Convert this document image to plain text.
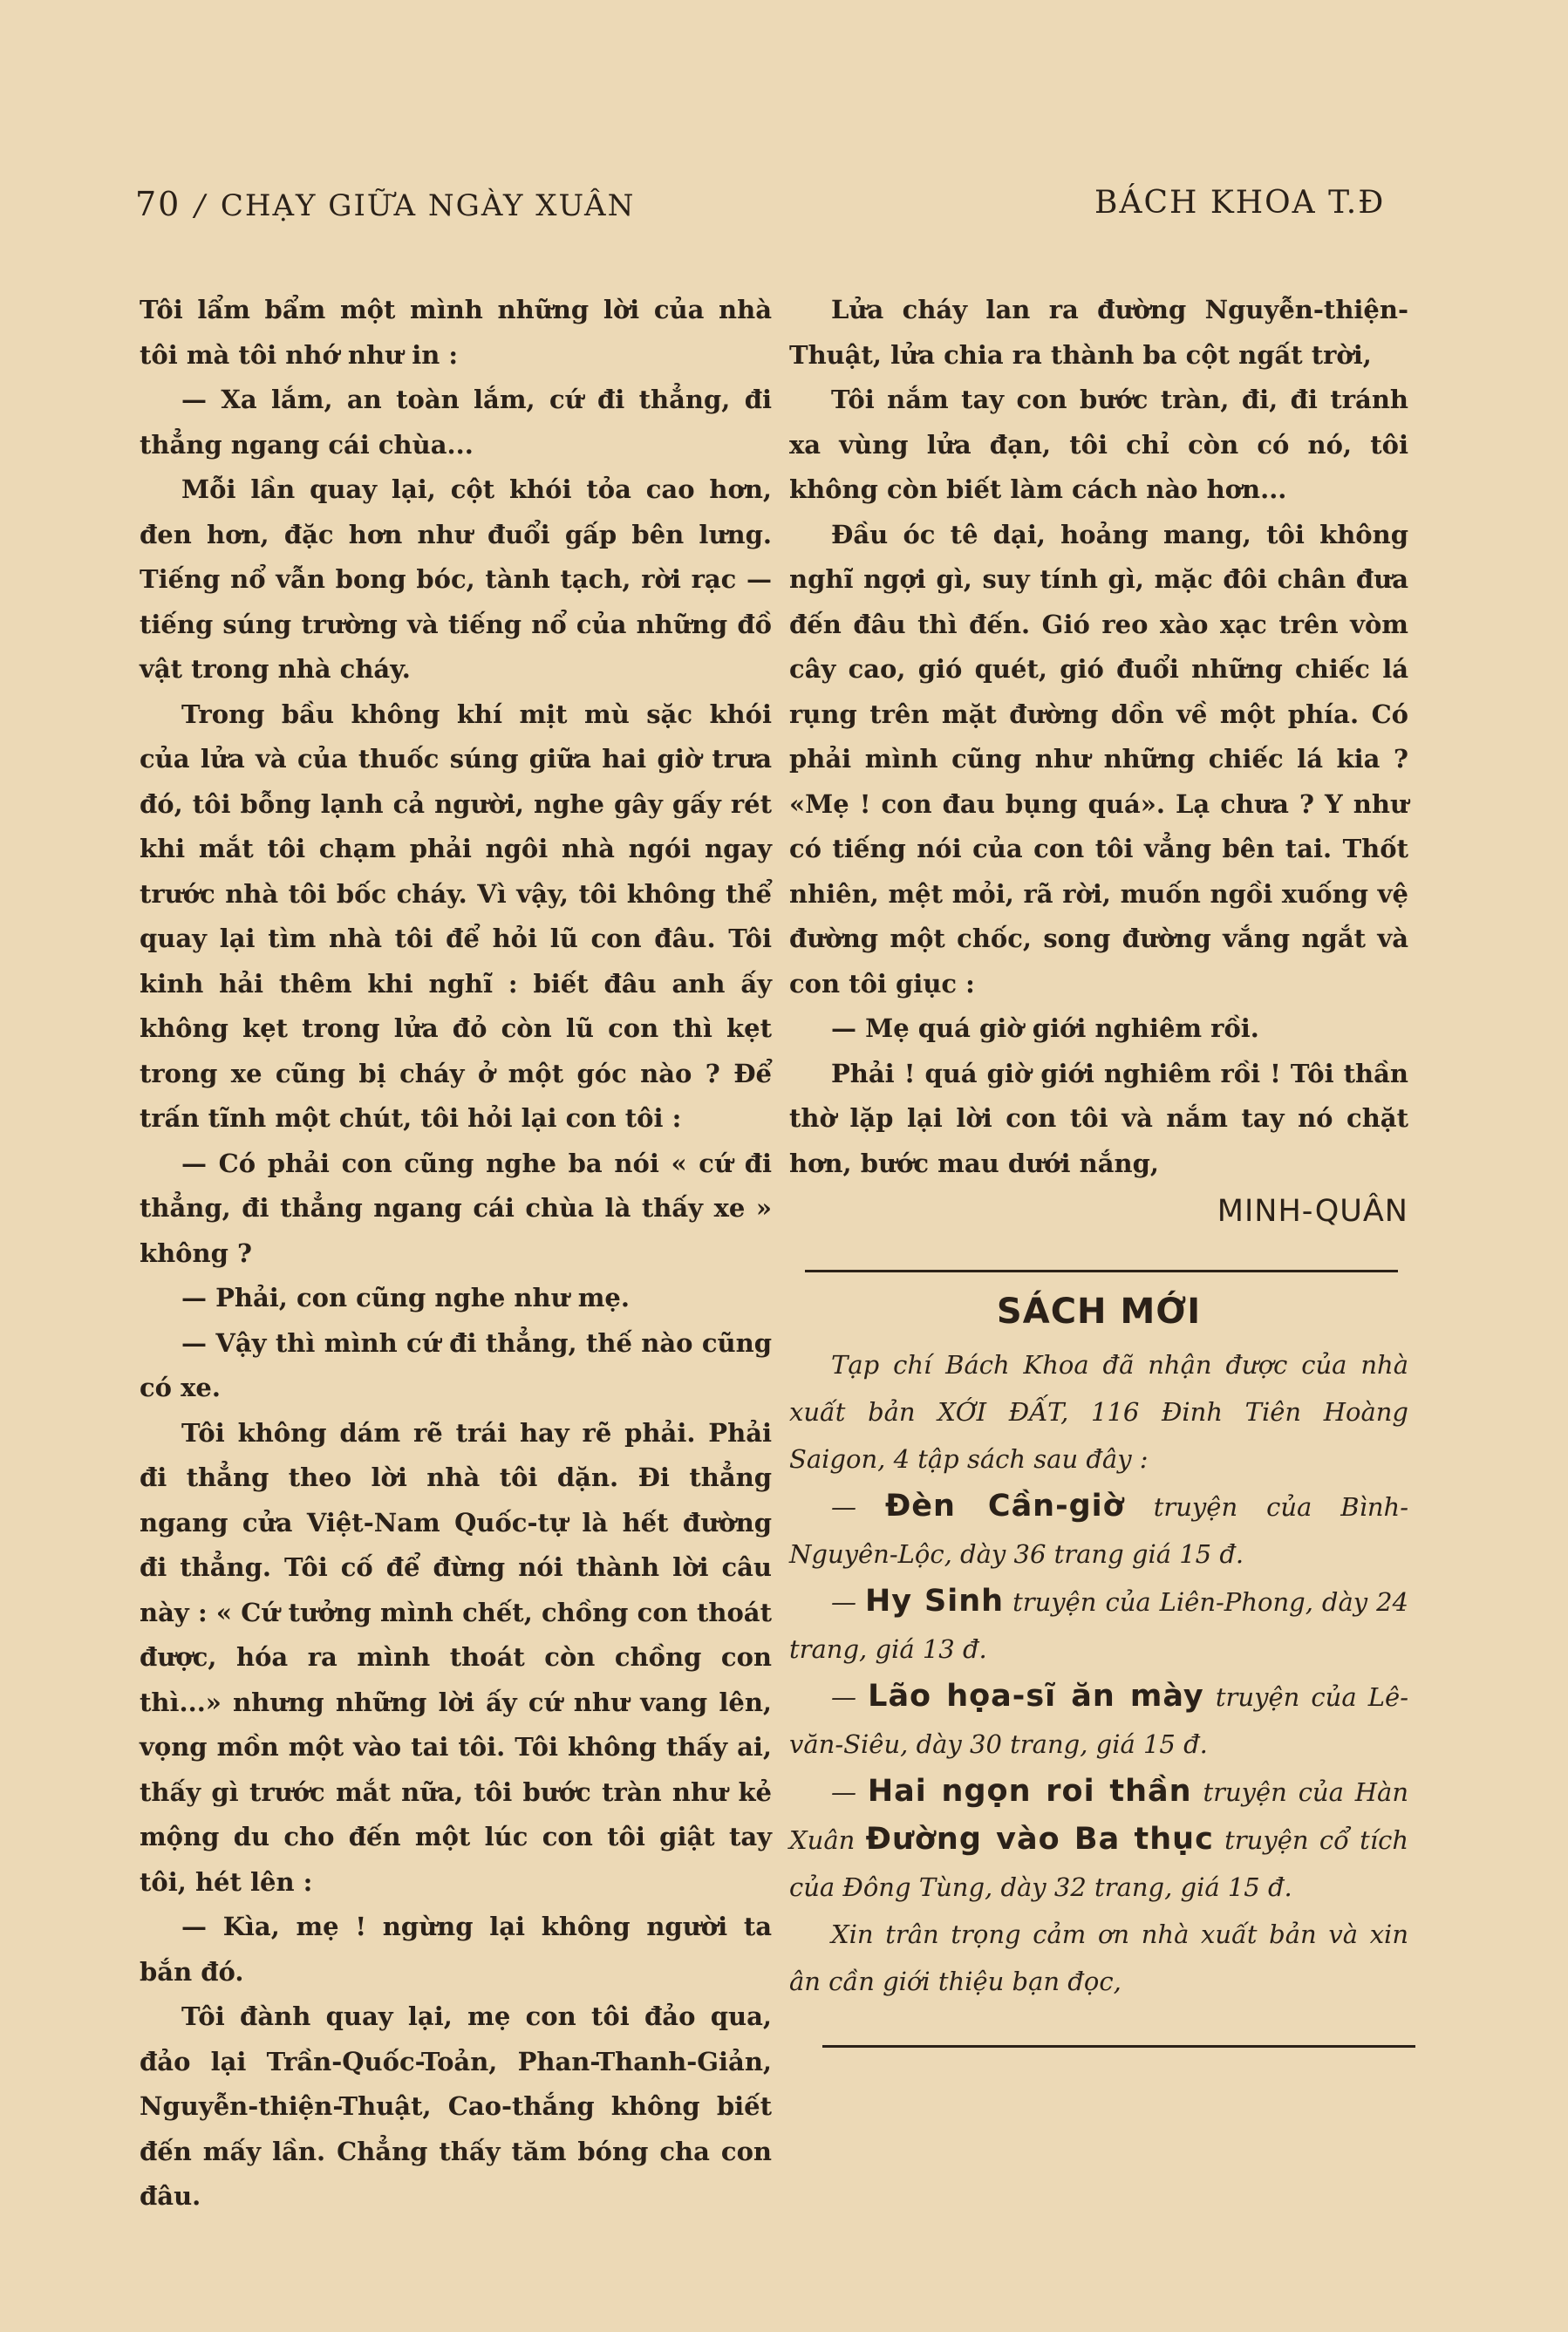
70 / CHẠY GIỮA NGÀY XUÂN	BÁCH KHOA T.Đ

Tôi lẩm bẩm một mình những lời của nhà tôi mà tôi nhớ như in :

— Xa lắm, an toàn lắm, cứ đi thẳng, đi thẳng ngang cái chùa...

Mỗi lần quay lại, cột khói tỏa cao hơn, đen hơn, đặc hơn như đuổi gấp bên lưng. Tiếng nổ vẫn bong bóc, tành tạch, rời rạc — tiếng súng trường và tiếng nổ của những đồ vật trong nhà cháy.

Trong bầu không khí mịt mù sặc khói của lửa và của thuốc súng giữa hai giờ trưa đó, tôi bỗng lạnh cả người, nghe gây gấy rét khi mắt tôi chạm phải ngôi nhà ngói ngay trước nhà tôi bốc cháy. Vì vậy, tôi không thể quay lại tìm nhà tôi để hỏi lũ con đâu. Tôi kinh hải thêm khi nghĩ : biết đâu anh ấy không kẹt trong lửa đỏ còn lũ con thì kẹt trong xe cũng bị cháy ở một góc nào ? Để trấn tĩnh một chút, tôi hỏi lại con tôi :

— Có phải con cũng nghe ba nói « cứ đi thẳng, đi thẳng ngang cái chùa là thấy xe » không ?

— Phải, con cũng nghe như mẹ.

— Vậy thì mình cứ đi thẳng, thế nào cũng có xe.

Tôi không dám rẽ trái hay rẽ phải. Phải đi thẳng theo lời nhà tôi dặn. Đi thẳng ngang cửa Việt-Nam Quốc-tự là hết đường đi thẳng. Tôi cố để đừng nói thành lời câu này : « Cứ tưởng mình chết, chồng con thoát được, hóa ra mình thoát còn chồng con thì...» nhưng những lời ấy cứ như vang lên, vọng mồn một vào tai tôi. Tôi không thấy ai, thấy gì trước mắt nữa, tôi bước tràn như kẻ mộng du cho đến một lúc con tôi giật tay tôi, hét lên :

— Kìa, mẹ ! ngừng lại không người ta bắn đó.

Tôi đành quay lại, mẹ con tôi đảo qua, đảo lại Trần-Quốc-Toản, Phan-Thanh-Giản, Nguyễn-thiện-Thuật, Cao-thắng không biết đến mấy lần. Chẳng thấy tăm bóng cha con đâu.

Lửa cháy lan ra đường Nguyễn-thiện-Thuật, lửa chia ra thành ba cột ngất trời,

Tôi nắm tay con bước tràn, đi, đi tránh xa vùng lửa đạn, tôi chỉ còn có nó, tôi không còn biết làm cách nào hơn...

Đầu óc tê dại, hoảng mang, tôi không nghĩ ngợi gì, suy tính gì, mặc đôi chân đưa đến đâu thì đến. Gió reo xào xạc trên vòm cây cao, gió quét, gió đuổi những chiếc lá rụng trên mặt đường dồn về một phía. Có phải mình cũng như những chiếc lá kia ? «Mẹ ! con đau bụng quá». Lạ chưa ? Y như có tiếng nói của con tôi vẳng bên tai. Thốt nhiên, mệt mỏi, rã rời, muốn ngồi xuống vệ đường một chốc, song đường vắng ngắt và con tôi giục :

— Mẹ quá giờ giới nghiêm rồi.

Phải ! quá giờ giới nghiêm rồi ! Tôi thần thờ lặp lại lời con tôi và nắm tay nó chặt hơn, bước mau dưới nắng,

MINH-QUÂN
SÁCH MỚI

Tạp chí Bách Khoa đã nhận được của nhà xuất bản XỚI ĐẤT, 116 Đinh Tiên Hoàng Saigon, 4 tập sách sau đây :

— Đèn Cần-giờ truyện của Bình-Nguyên-Lộc, dày 36 trang giá 15 đ.

— Hy Sinh truyện của Liên-Phong, dày 24 trang, giá 13 đ.

— Lão họa-sĩ ăn mày truyện của Lê-văn-Siêu, dày 30 trang, giá 15 đ.

— Hai ngọn roi thần truyện của Hàn Xuân Đường vào Ba thục truyện cổ tích của Đông Tùng, dày 32 trang, giá 15 đ.

Xin trân trọng cảm ơn nhà xuất bản và xin ân cần giới thiệu bạn đọc,
